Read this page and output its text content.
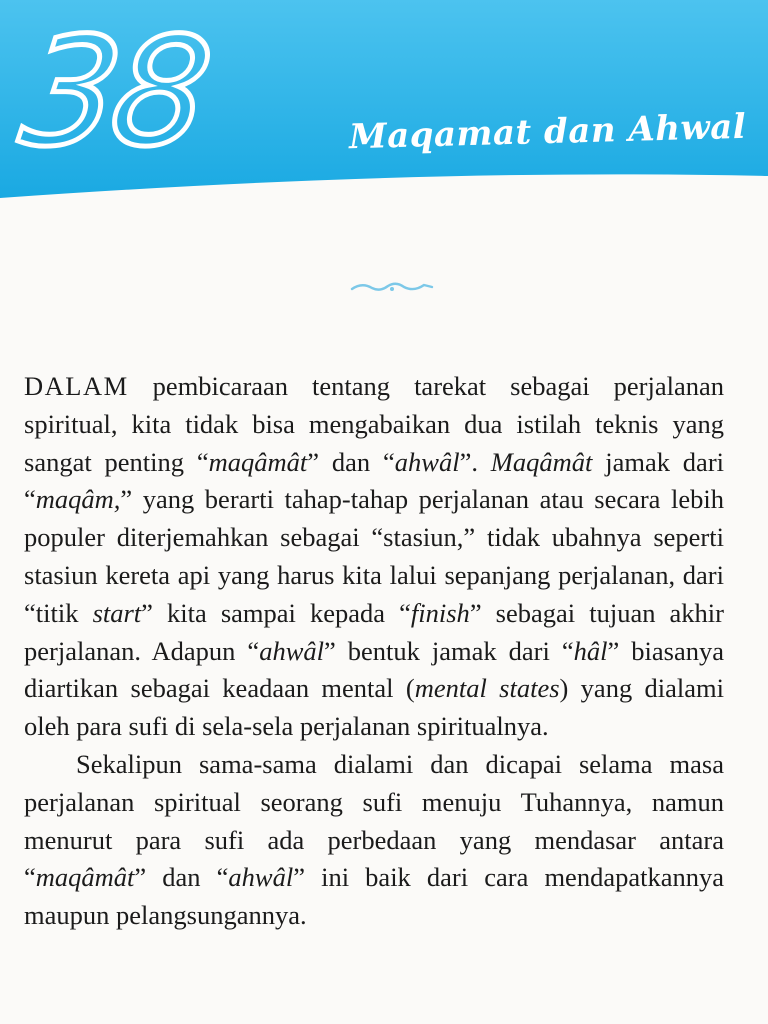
38	Maqamat dan Ahwal

DALAM pembicaraan tentang tarekat sebagai perjalanan spiritual, kita tidak bisa mengabaikan dua istilah teknis yang sangat penting “maqâmât” dan “ahwâl”. Maqâmât jamak dari “maqâm,” yang berarti tahap-tahap perjalanan atau secara lebih populer diterjemahkan sebagai “stasiun,” tidak ubahnya seperti stasiun kereta api yang harus kita lalui sepanjang perjalanan, dari “titik start” kita sampai kepada “finish” sebagai tujuan akhir perjalanan. Adapun “ahwâl” bentuk jamak dari “hâl” biasanya diartikan sebagai keadaan mental (mental states) yang dialami oleh para sufi di sela-sela perjalanan spiritualnya.

Sekalipun sama-sama dialami dan dicapai selama masa perjalanan spiritual seorang sufi menuju Tuhannya, namun menurut para sufi ada perbedaan yang mendasar antara “maqâmât” dan “ahwâl” ini baik dari cara mendapatkannya maupun pelangsungannya.
